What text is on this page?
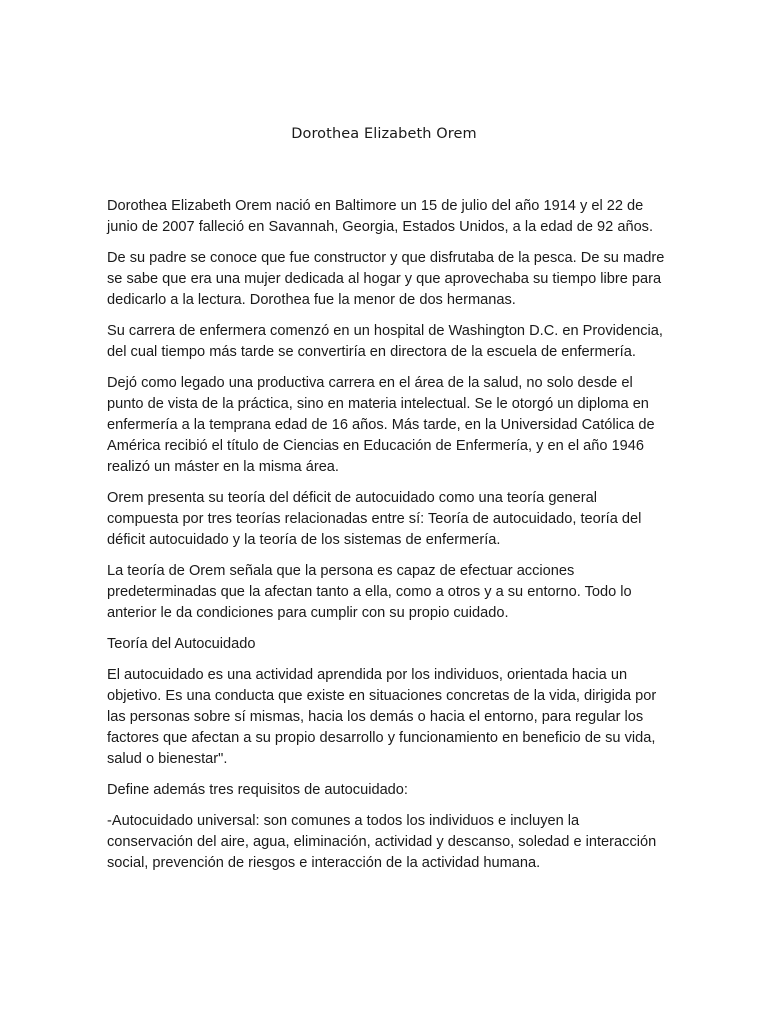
Dorothea Elizabeth Orem

Dorothea Elizabeth Orem nació en Baltimore un 15 de julio del año 1914 y el 22 de junio de 2007 falleció en Savannah, Georgia, Estados Unidos, a la edad de 92 años.

De su padre se conoce que fue constructor y que disfrutaba de la pesca. De su madre se sabe que era una mujer dedicada al hogar y que aprovechaba su tiempo libre para dedicarlo a la lectura. Dorothea fue la menor de dos hermanas.

Su carrera de enfermera comenzó en un hospital de Washington D.C. en Providencia, del cual tiempo más tarde se convertiría en directora de la escuela de enfermería.

Dejó como legado una productiva carrera en el área de la salud, no solo desde el punto de vista de la práctica, sino en materia intelectual. Se le otorgó un diploma en enfermería a la temprana edad de 16 años. Más tarde, en la Universidad Católica de América recibió el título de Ciencias en Educación de Enfermería, y en el año 1946 realizó un máster en la misma área.

Orem presenta su teoría del déficit de autocuidado como una teoría general compuesta por tres teorías relacionadas entre sí: Teoría de autocuidado, teoría del déficit autocuidado y la teoría de los sistemas de enfermería.

La teoría de Orem señala que la persona es capaz de efectuar acciones predeterminadas que la afectan tanto a ella, como a otros y a su entorno. Todo lo anterior le da condiciones para cumplir con su propio cuidado.

Teoría del Autocuidado

El autocuidado es una actividad aprendida por los individuos, orientada hacia un objetivo. Es una conducta que existe en situaciones concretas de la vida, dirigida por las personas sobre sí mismas, hacia los demás o hacia el entorno, para regular los factores que afectan a su propio desarrollo y funcionamiento en beneficio de su vida, salud o bienestar".

Define además tres requisitos de autocuidado:

-Autocuidado universal: son comunes a todos los individuos e incluyen la conservación del aire, agua, eliminación, actividad y descanso, soledad e interacción social, prevención de riesgos e interacción de la actividad humana.
